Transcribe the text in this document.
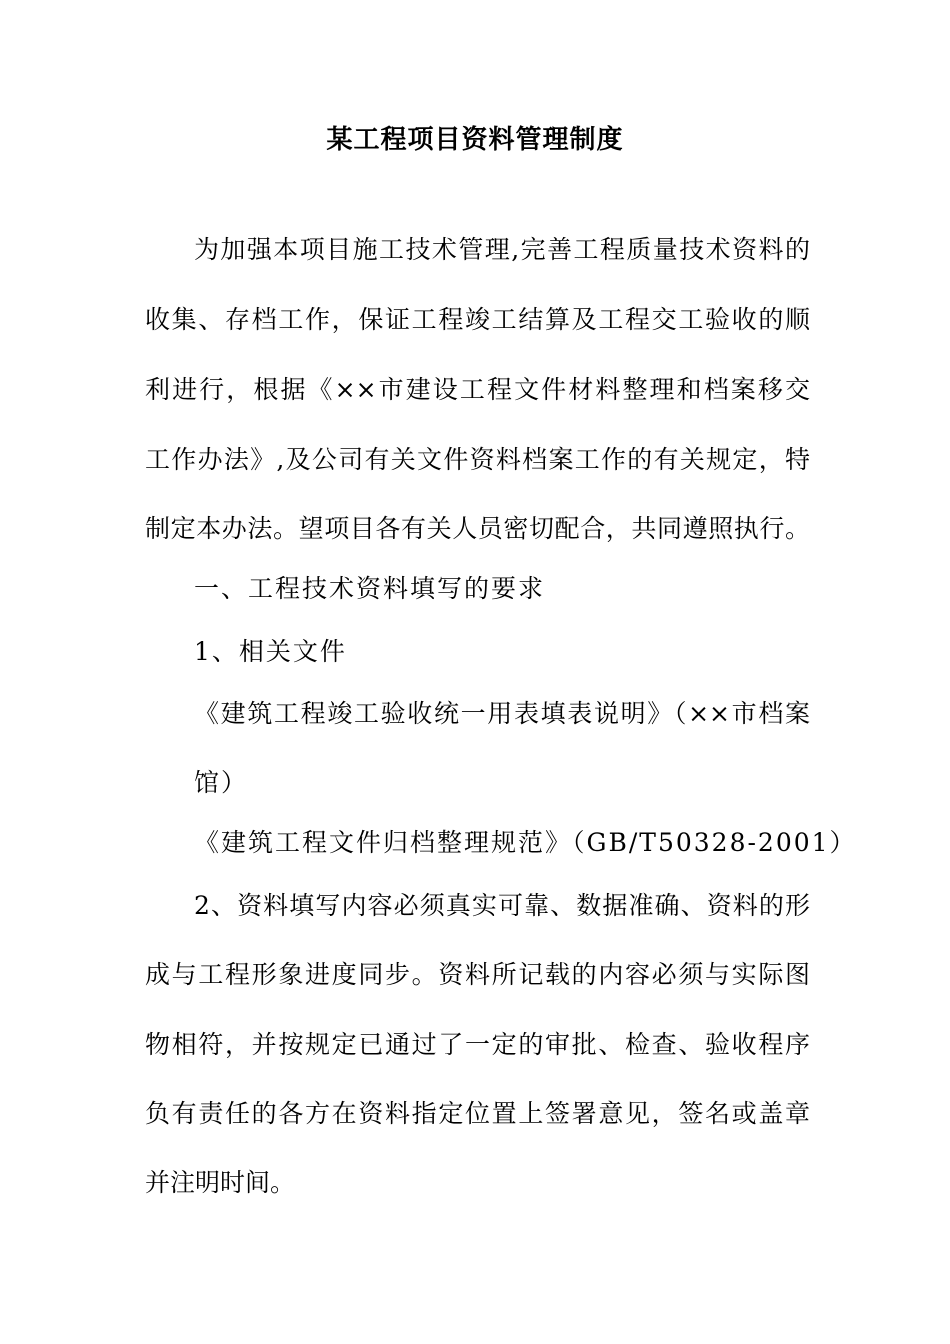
某工程项目资料管理制度
为加强本项目施工技术管理,完善工程质量技术资料的
收集、存档工作，保证工程竣工结算及工程交工验收的顺
利进行，根据《××市建设工程文件材料整理和档案移交
工作办法》,及公司有关文件资料档案工作的有关规定，特
制定本办法。望项目各有关人员密切配合，共同遵照执行。
一、工程技术资料填写的要求
1、相关文件
《建筑工程竣工验收统一用表填表说明》（××市档案
馆）
《建筑工程文件归档整理规范》（GB/T50328-2001）
2、资料填写内容必须真实可靠、数据准确、资料的形
成与工程形象进度同步。资料所记载的内容必须与实际图
物相符，并按规定已通过了一定的审批、检查、验收程序
负有责任的各方在资料指定位置上签署意见，签名或盖章
并注明时间。
